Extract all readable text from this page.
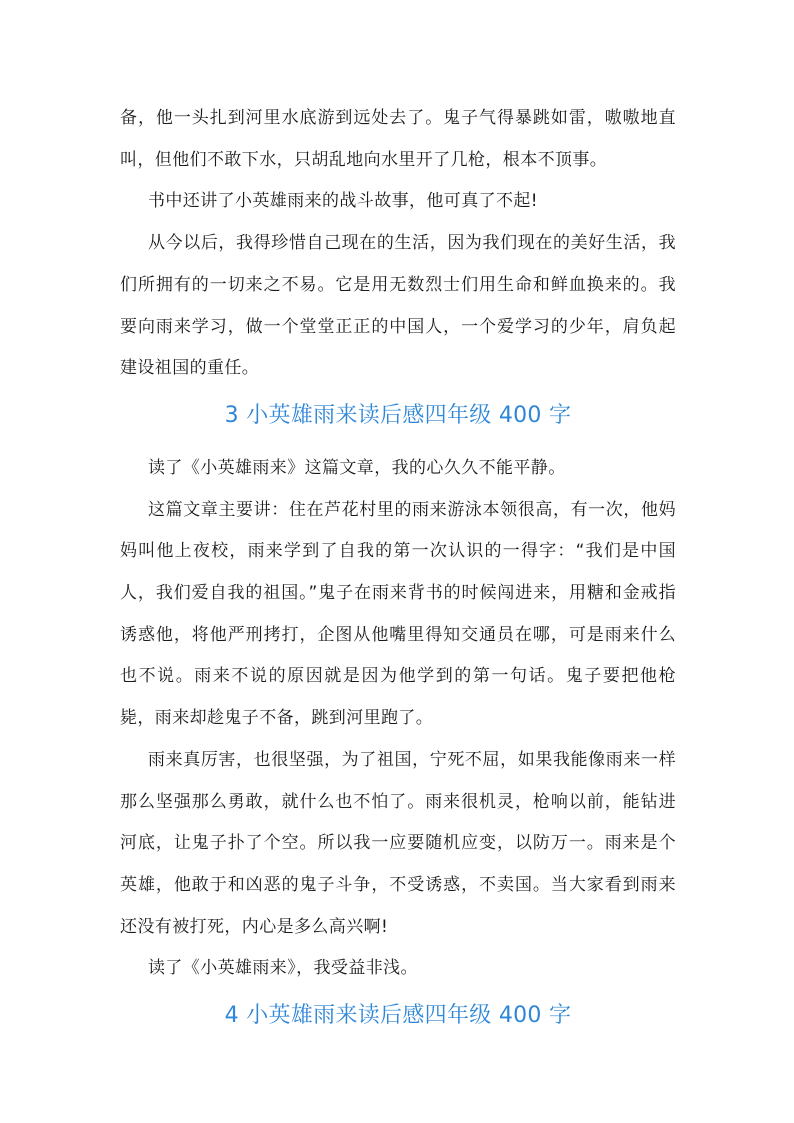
备，他一头扎到河里水底游到远处去了。鬼子气得暴跳如雷，嗷嗷地直叫，但他们不敢下水，只胡乱地向水里开了几枪，根本不顶事。

书中还讲了小英雄雨来的战斗故事，他可真了不起!

从今以后，我得珍惜自己现在的生活，因为我们现在的美好生活，我们所拥有的一切来之不易。它是用无数烈士们用生命和鲜血换来的。我要向雨来学习，做一个堂堂正正的中国人，一个爱学习的少年，肩负起建设祖国的重任。

3 小英雄雨来读后感四年级 400 字

读了《小英雄雨来》这篇文章，我的心久久不能平静。

这篇文章主要讲：住在芦花村里的雨来游泳本领很高，有一次，他妈妈叫他上夜校，雨来学到了自我的第一次认识的一得字：“我们是中国人，我们爱自我的祖国。”鬼子在雨来背书的时候闯进来，用糖和金戒指诱惑他，将他严刑拷打，企图从他嘴里得知交通员在哪，可是雨来什么也不说。雨来不说的原因就是因为他学到的第一句话。鬼子要把他枪毙，雨来却趁鬼子不备，跳到河里跑了。

雨来真厉害，也很坚强，为了祖国，宁死不屈，如果我能像雨来一样那么坚强那么勇敢，就什么也不怕了。雨来很机灵，枪响以前，能钻进河底，让鬼子扑了个空。所以我一应要随机应变，以防万一。雨来是个英雄，他敢于和凶恶的鬼子斗争，不受诱惑，不卖国。当大家看到雨来还没有被打死，内心是多么高兴啊!

读了《小英雄雨来》，我受益非浅。

4 小英雄雨来读后感四年级 400 字
